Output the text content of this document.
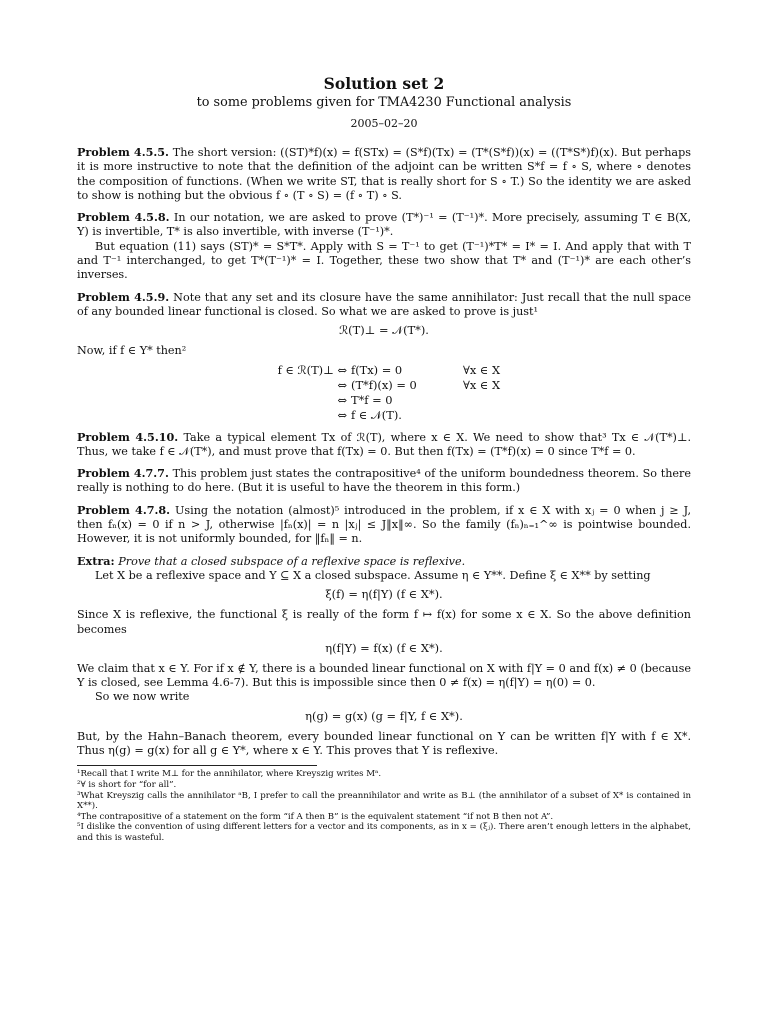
Solution set 2

to some problems given for TMA4230 Functional analysis

2005–02–20

Problem 4.5.5. The short version: ((ST)*f)(x) = f(STx) = (S*f)(Tx) = (T*(S*f))(x) = ((T*S*)f)(x). But perhaps it is more instructive to note that the definition of the adjoint can be written S*f = f ∘ S, where ∘ denotes the composition of functions. (When we write ST, that is really short for S ∘ T.) So the identity we are asked to show is nothing but the obvious f ∘ (T ∘ S) = (f ∘ T) ∘ S.

Problem 4.5.8. In our notation, we are asked to prove (T*)⁻¹ = (T⁻¹)*. More precisely, assuming T ∈ B(X, Y) is invertible, T* is also invertible, with inverse (T⁻¹)*.

But equation (11) says (ST)* = S*T*. Apply with S = T⁻¹ to get (T⁻¹)*T* = I* = I. And apply that with T and T⁻¹ interchanged, to get T*(T⁻¹)* = I. Together, these two show that T* and (T⁻¹)* are each other’s inverses.

Problem 4.5.9. Note that any set and its closure have the same annihilator: Just recall that the null space of any bounded linear functional is closed. So what we are asked to prove is just¹

ℛ(T)⊥ = 𝒩(T*).

Now, if f ∈ Y* then²

f ∈ ℛ(T)⊥ ⇔ f(Tx) = 0	∀x ∈ X
⇔ (T*f)(x) = 0	∀x ∈ X
⇔ T*f = 0
⇔ f ∈ 𝒩(T).

Problem 4.5.10. Take a typical element Tx of ℛ(T), where x ∈ X. We need to show that³ Tx ∈ 𝒩(T*)⊥. Thus, we take f ∈ 𝒩(T*), and must prove that f(Tx) = 0. But then f(Tx) = (T*f)(x) = 0 since T*f = 0.

Problem 4.7.7. This problem just states the contrapositive⁴ of the uniform boundedness theorem. So there really is nothing to do here. (But it is useful to have the theorem in this form.)

Problem 4.7.8. Using the notation (almost)⁵ introduced in the problem, if x ∈ X with xⱼ = 0 when j ≥ J, then fₙ(x) = 0 if n > J, otherwise |fₙ(x)| = n |xⱼ| ≤ J‖x‖∞. So the family (fₙ)ₙ₌₁^∞ is pointwise bounded. However, it is not uniformly bounded, for ‖fₙ‖ = n.

Extra: Prove that a closed subspace of a reflexive space is reflexive.

Let X be a reflexive space and Y ⊆ X a closed subspace. Assume η ∈ Y**. Define ξ ∈ X** by setting

ξ(f) = η(f|Y) (f ∈ X*).

Since X is reflexive, the functional ξ is really of the form f ↦ f(x) for some x ∈ X. So the above definition becomes

η(f|Y) = f(x) (f ∈ X*).

We claim that x ∈ Y. For if x ∉ Y, there is a bounded linear functional on X with f|Y = 0 and f(x) ≠ 0 (because Y is closed, see Lemma 4.6-7). But this is impossible since then 0 ≠ f(x) = η(f|Y) = η(0) = 0.

So we now write

η(g) = g(x) (g = f|Y, f ∈ X*).

But, by the Hahn–Banach theorem, every bounded linear functional on Y can be written f|Y with f ∈ X*. Thus η(g) = g(x) for all g ∈ Y*, where x ∈ Y. This proves that Y is reflexive.

¹Recall that I write M⊥ for the annihilator, where Kreyszig writes Mᵃ.

²∀ is short for “for all”.

³What Kreyszig calls the annihilator ᵃB, I prefer to call the preannihilator and write as B⊥ (the annihilator of a subset of X* is contained in X**).

⁴The contrapositive of a statement on the form “if A then B” is the equivalent statement “if not B then not A”.

⁵I dislike the convention of using different letters for a vector and its components, as in x = (ξⱼ). There aren’t enough letters in the alphabet, and this is wasteful.
